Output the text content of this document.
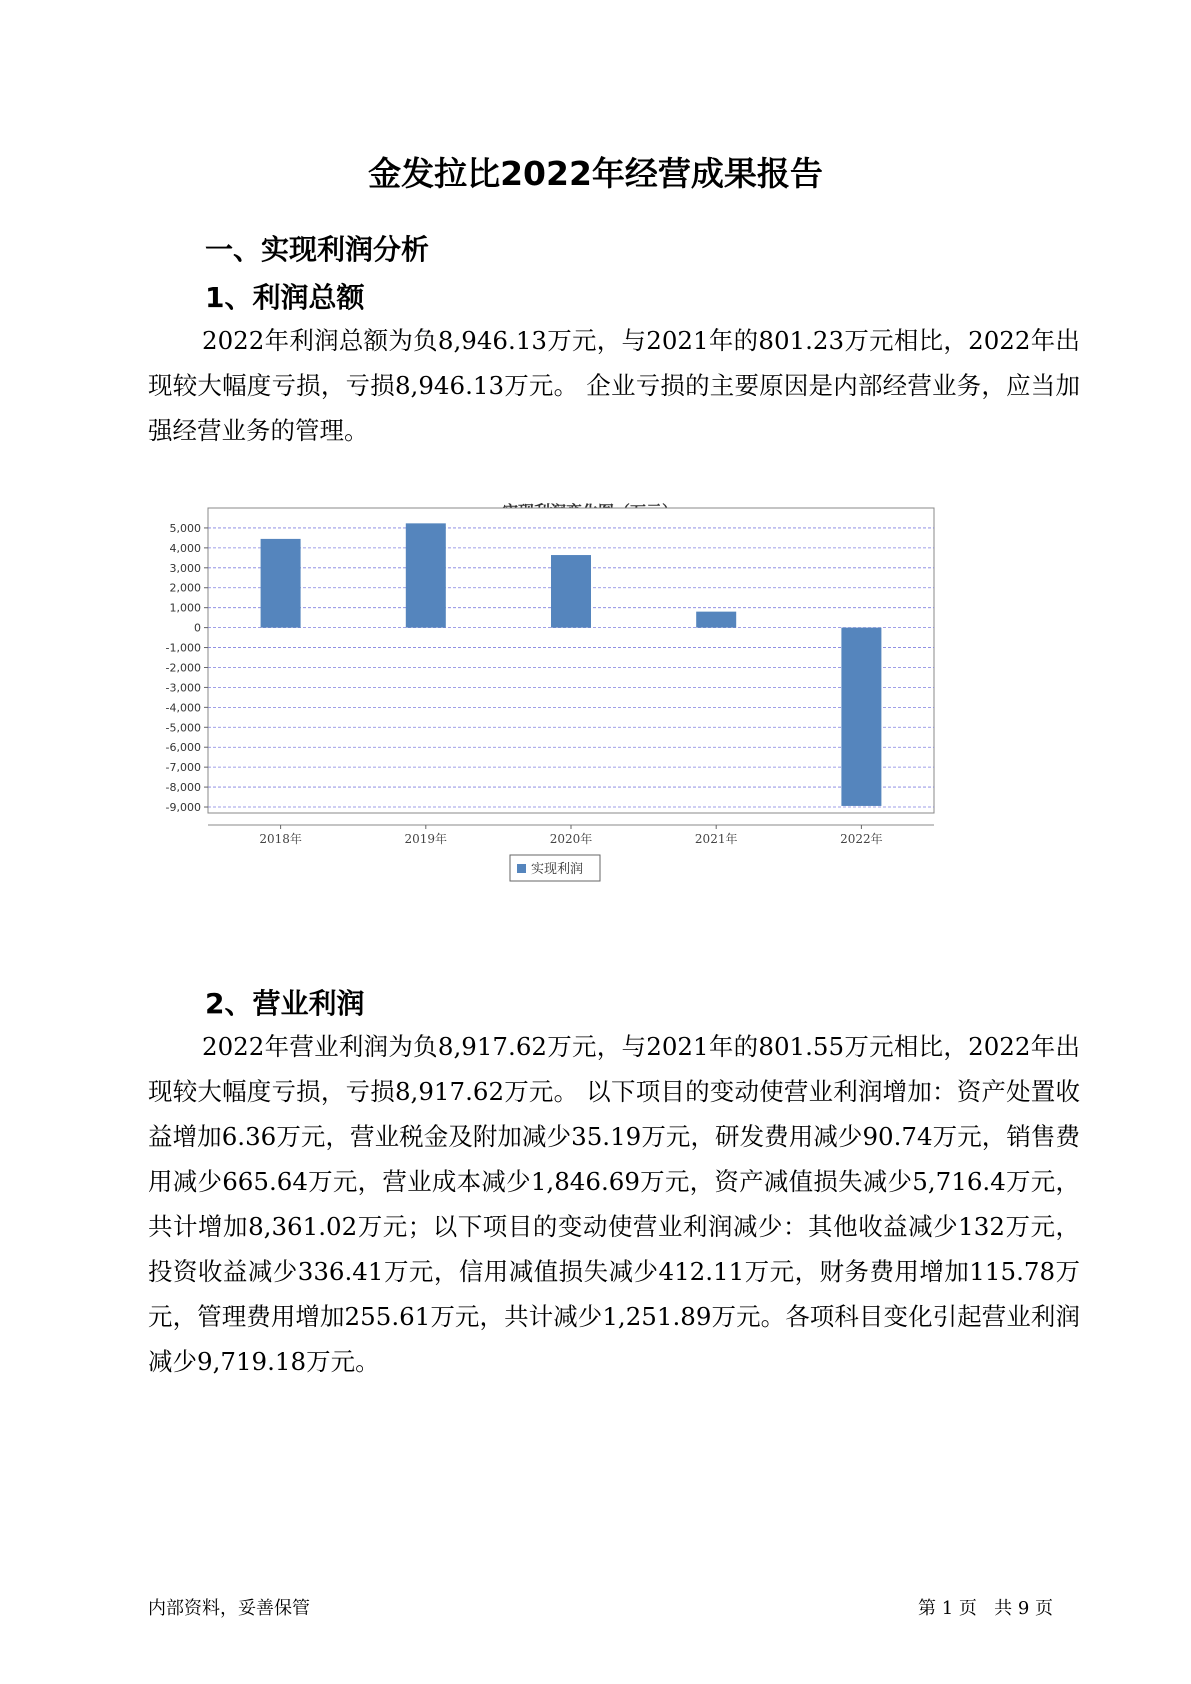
金发拉比2022年经营成果报告
一、实现利润分析
1、利润总额

2022年利润总额为负8,946.13万元，与2021年的801.23万元相比，2022年出现较大幅度亏损，亏损8,946.13万元。 企业亏损的主要原因是内部经营业务，应当加强经营业务的管理。

5,000
4,000
3,000
2,000
1,000
0
-1,000
-2,000
-3,000
-4,000
-5,000
-6,000
-7,000
-8,000
-9,000
2018年	2019年	2020年	2021年	2022年
实现利润
2、营业利润

2022年营业利润为负8,917.62万元，与2021年的801.55万元相比，2022年出现较大幅度亏损，亏损8,917.62万元。 以下项目的变动使营业利润增加：资产处置收益增加6.36万元，营业税金及附加减少35.19万元，研发费用减少90.74万元，销售费用减少665.64万元，营业成本减少1,846.69万元，资产减值损失减少5,716.4万元，共计增加8,361.02万元；以下项目的变动使营业利润减少：其他收益减少132万元，投资收益减少336.41万元，信用减值损失减少412.11万元，财务费用增加115.78万元，管理费用增加255.61万元，共计减少1,251.89万元。各项科目变化引起营业利润减少9,719.18万元。

内部资料，妥善保管	第 1 页 共 9 页
